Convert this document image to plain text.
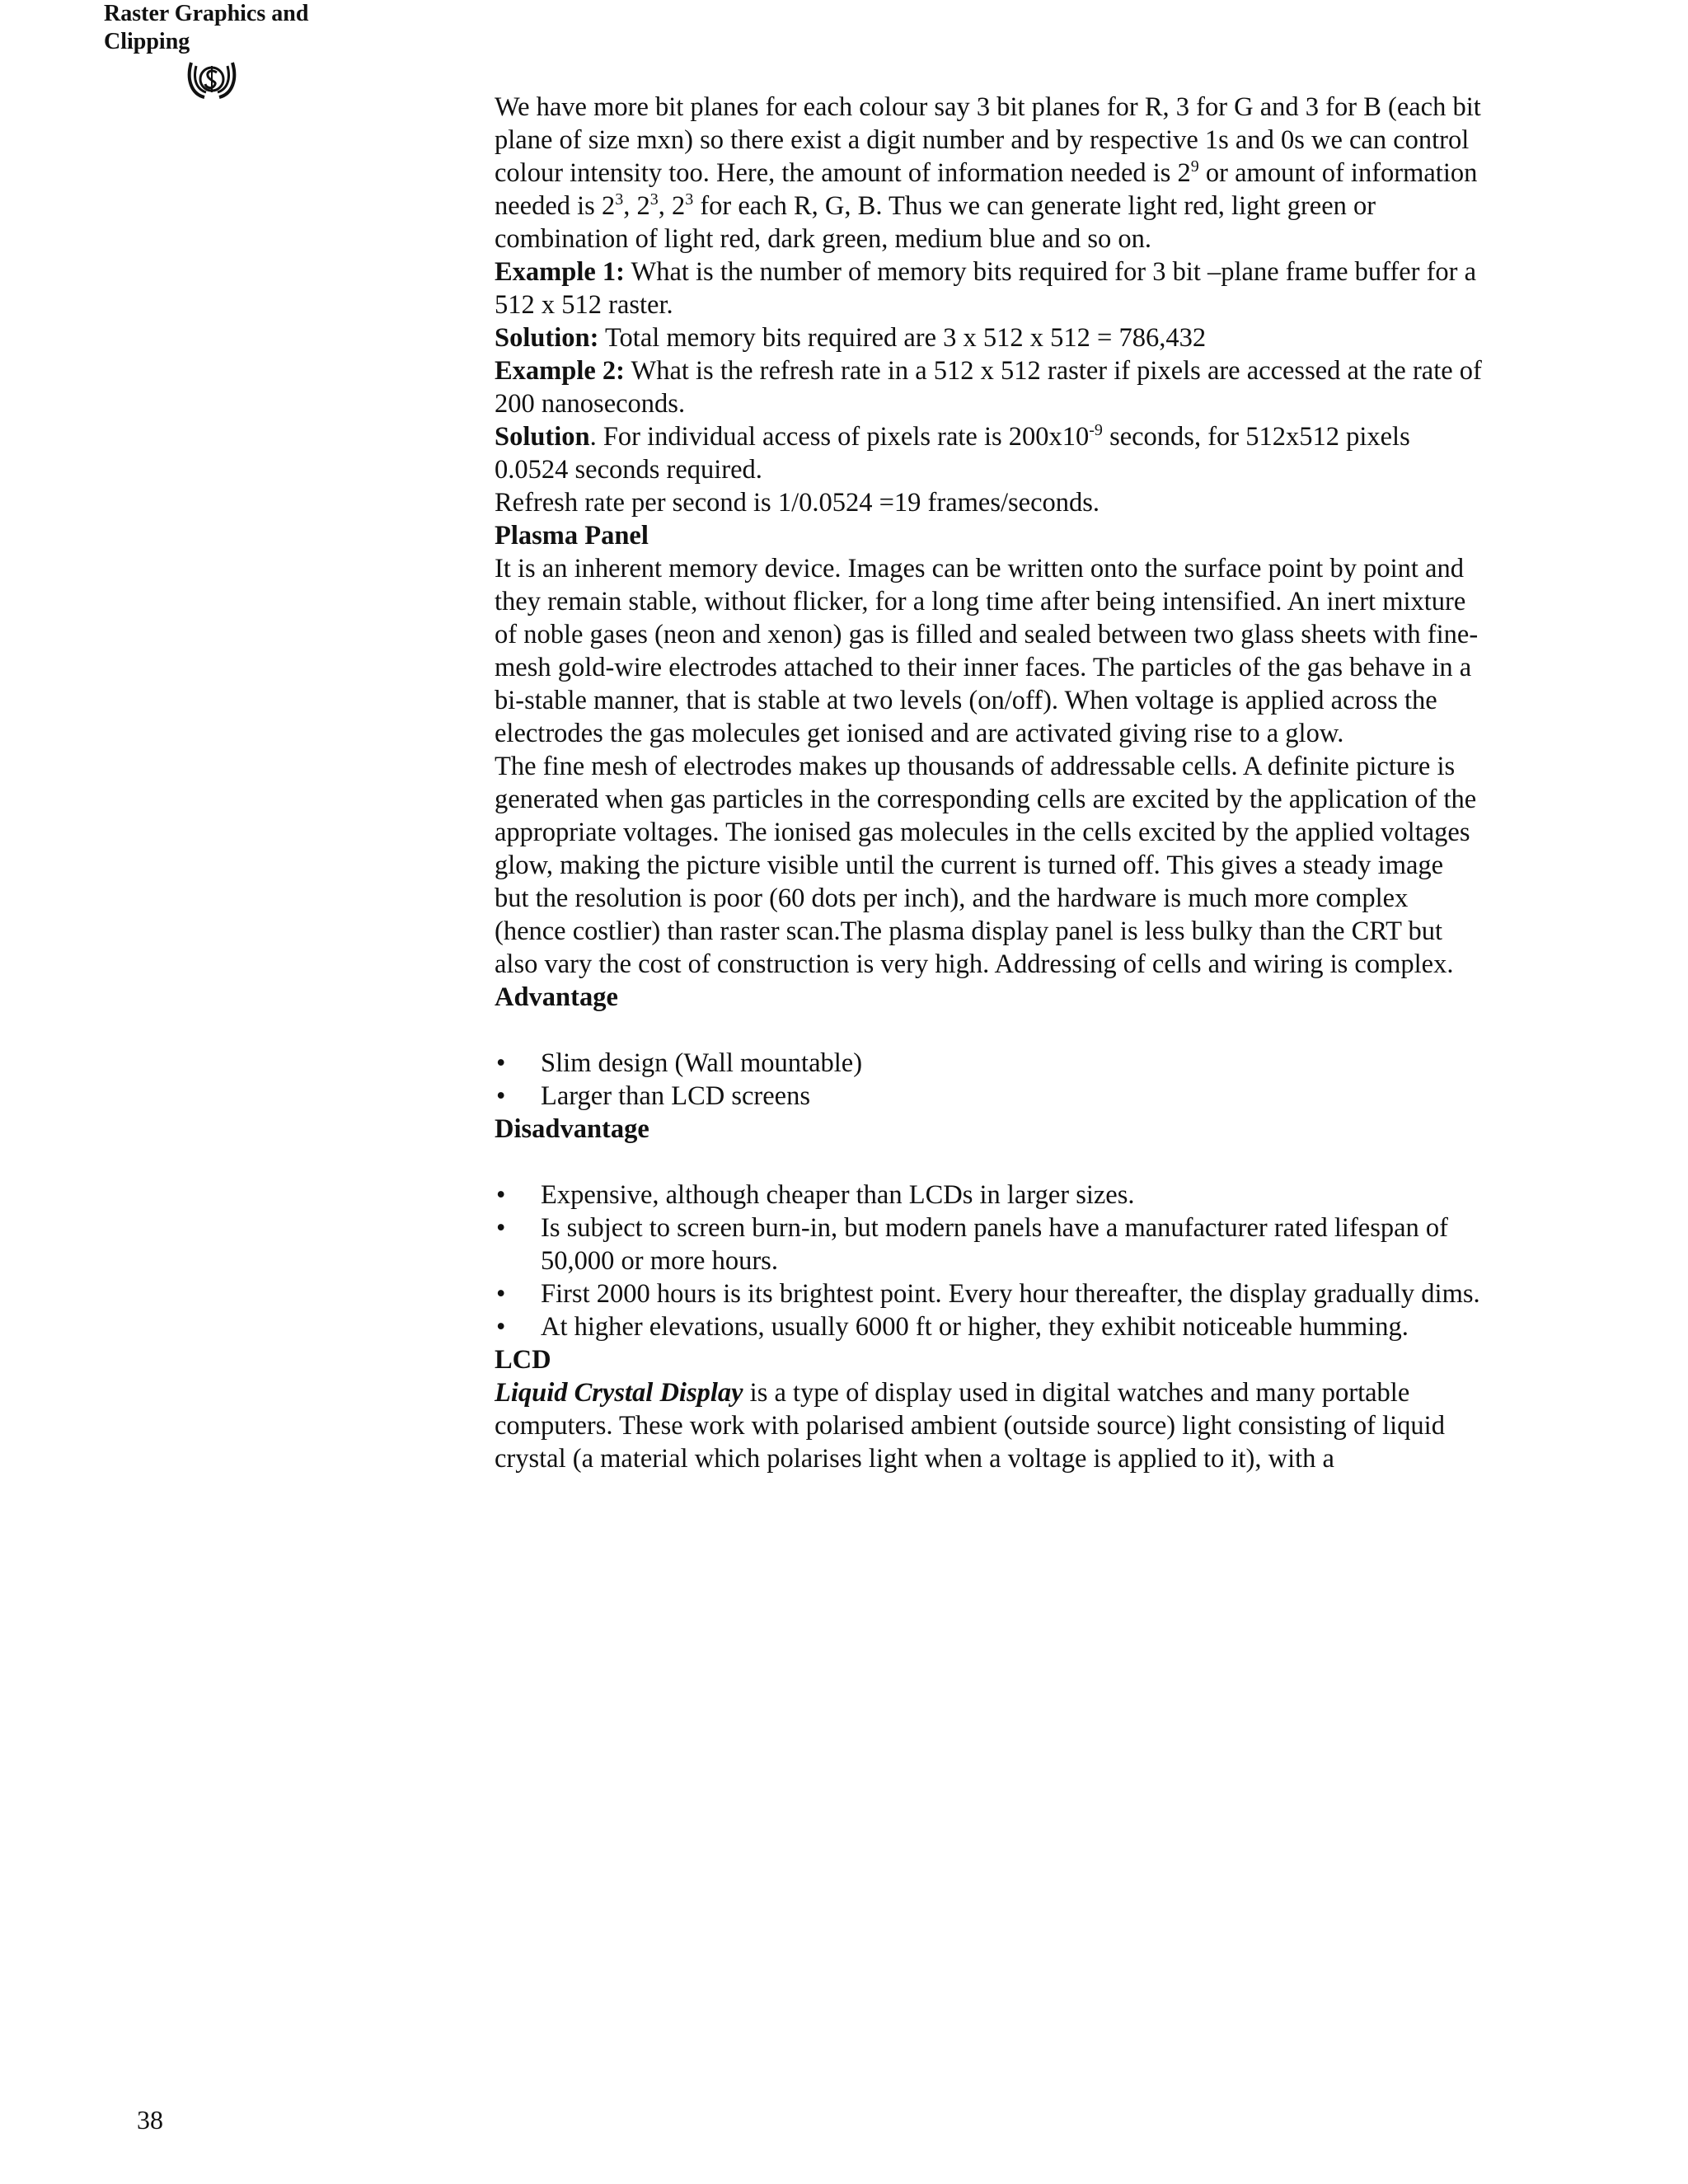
Raster Graphics and
Clipping

We have more bit planes for each colour say 3 bit planes for R, 3 for G and 3 for B (each bit plane of size mxn) so there exist a digit number and by respective 1s and 0s we can control colour intensity too. Here, the amount of information needed is $2^9$ or amount of information needed is $2^3$, $2^3$, $2^3$ for each R, G, B. Thus we can generate light red, light green or combination of light red, dark green, medium blue and so on.

Example 1: What is the number of memory bits required for 3 bit –plane frame buffer for a 512 x 512 raster.

Solution: Total memory bits required are 3 x 512 x 512 = 786,432

Example 2: What is the refresh rate in a 512 x 512 raster if pixels are accessed at the rate of 200 nanoseconds.

Solution. For individual access of pixels rate is $200x10^{-9}$ seconds, for 512x512 pixels 0.0524 seconds required.

Refresh rate per second is 1/0.0524 =19 frames/seconds.

Plasma Panel

It is an inherent memory device. Images can be written onto the surface point by point and they remain stable, without flicker, for a long time after being intensified. An inert mixture of noble gases (neon and xenon) gas is filled and sealed between two glass sheets with fine-mesh gold-wire electrodes attached to their inner faces. The particles of the gas behave in a bi-stable manner, that is stable at two levels (on/off). When voltage is applied across the electrodes the gas molecules get ionised and are activated giving rise to a glow.

The fine mesh of electrodes makes up thousands of addressable cells. A definite picture is generated when gas particles in the corresponding cells are excited by the application of the appropriate voltages. The ionised gas molecules in the cells excited by the applied voltages glow, making the picture visible until the current is turned off. This gives a steady image but the resolution is poor (60 dots per inch), and the hardware is much more complex (hence costlier) than raster scan.The plasma display panel is less bulky than the CRT but also vary the cost of construction is very high. Addressing of cells and wiring is complex.

Advantage

• Slim design (Wall mountable)
• Larger than LCD screens

Disadvantage

• Expensive, although cheaper than LCDs in larger sizes.
• Is subject to screen burn-in, but modern panels have a manufacturer rated lifespan of 50,000 or more hours.
• First 2000 hours is its brightest point. Every hour thereafter, the display gradually dims.
• At higher elevations, usually 6000 ft or higher, they exhibit noticeable humming.

LCD

Liquid Crystal Display is a type of display used in digital watches and many portable computers. These work with polarised ambient (outside source) light consisting of liquid crystal (a material which polarises light when a voltage is applied to it), with a

38
